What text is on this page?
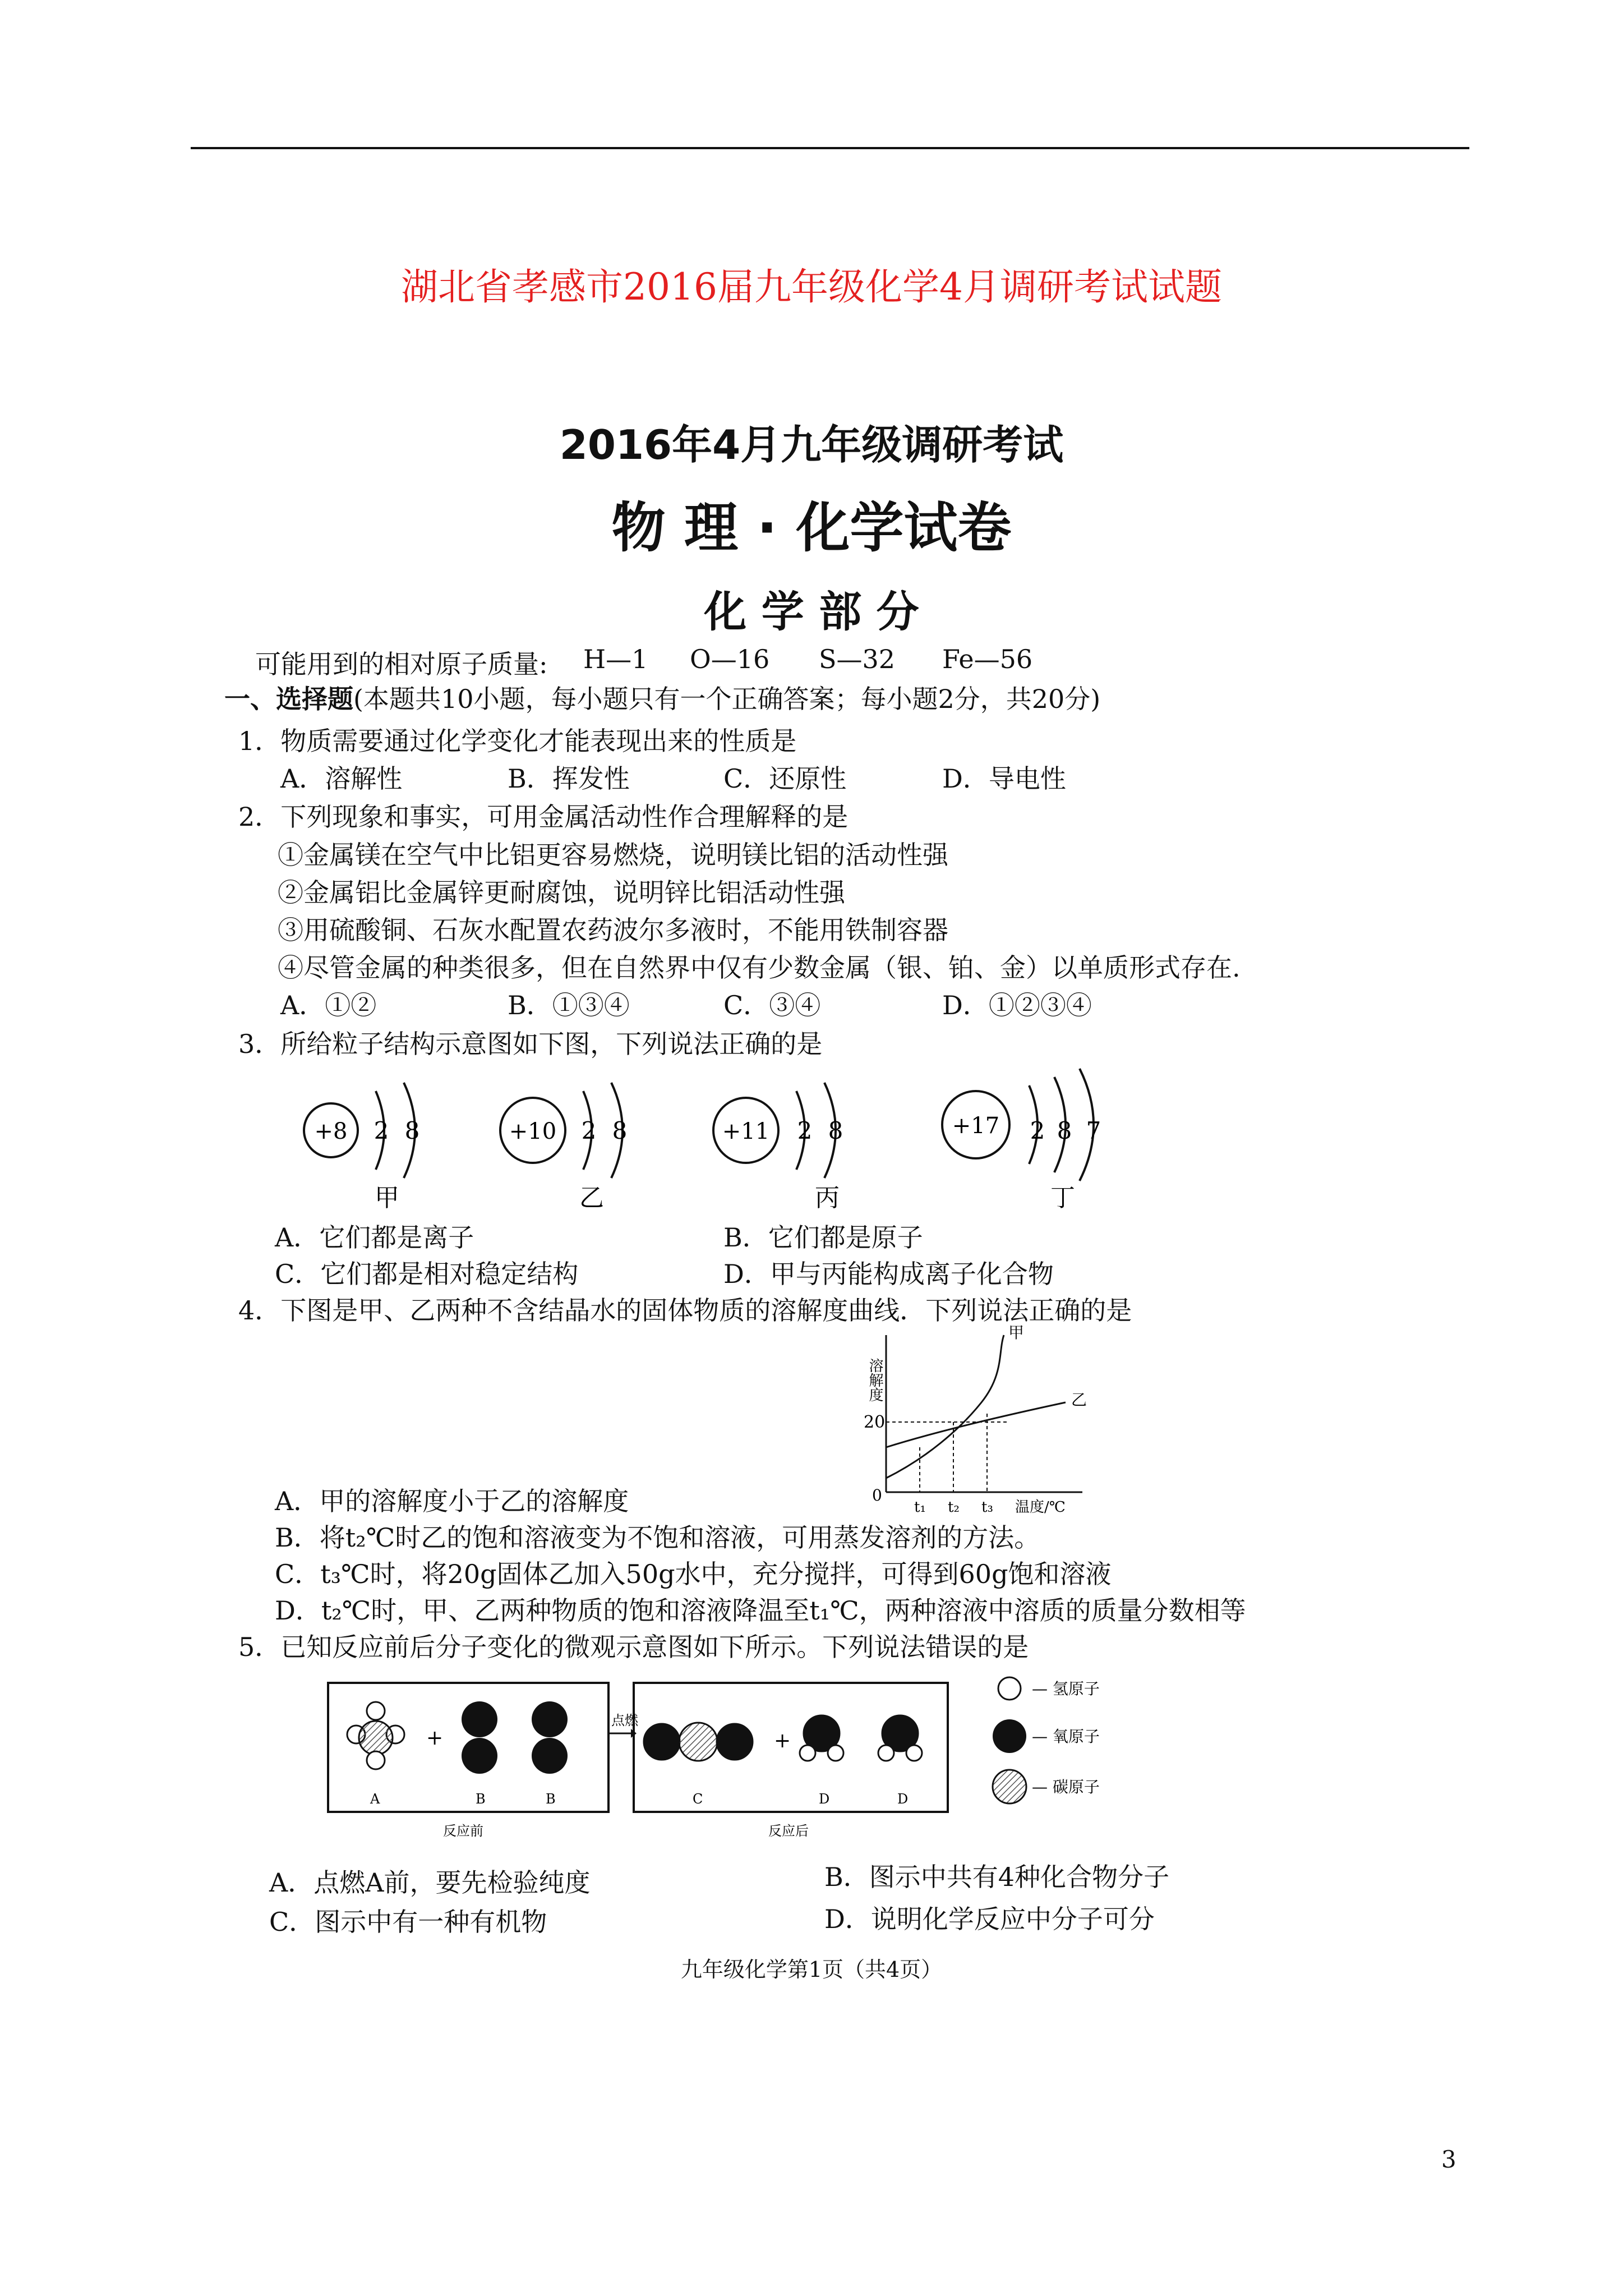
湖北省孝感市2016届九年级化学4月调研考试试题
2016年4月九年级调研考试
物 理 · 化学试卷
化 学 部 分
可能用到的相对原子质量: H—1 O—16 S—32 Fe—56
一、选择题(本题共10小题，每小题只有一个正确答案；每小题2分，共20分)
1．物质需要通过化学变化才能表现出来的性质是
A．溶解性	B．挥发性	C．还原性	D．导电性
2．下列现象和事实，可用金属活动性作合理解释的是
①金属镁在空气中比铝更容易燃烧，说明镁比铝的活动性强
②金属铝比金属锌更耐腐蚀，说明锌比铝活动性强
③用硫酸铜、石灰水配置农药波尔多液时，不能用铁制容器
④尽管金属的种类很多，但在自然界中仅有少数金属（银、铂、金）以单质形式存在.
A．①②	B．①③④	C．③④	D．①②③④
3．所给粒子结构示意图如下图，下列说法正确的是
+8 2 8
甲
+10 2 8
乙
+11 2 8
丙
+17 2 8 7
丁
A．它们都是离子	B．它们都是原子
C．它们都是相对稳定结构	D．甲与丙能构成离子化合物
4．下图是甲、乙两种不含结晶水的固体物质的溶解度曲线．下列说法正确的是
溶解度
20
0
t₁ t₂ t₃ 温度/℃
甲
乙
A．甲的溶解度小于乙的溶解度
B．将t₂℃时乙的饱和溶液变为不饱和溶液，可用蒸发溶剂的方法。
C．t₃℃时，将20g固体乙加入50g水中，充分搅拌，可得到60g饱和溶液
D．t₂℃时，甲、乙两种物质的饱和溶液降温至t₁℃，两种溶液中溶质的质量分数相等
5．已知反应前后分子变化的微观示意图如下所示。下列说法错误的是
点燃
+
A	B	B
反应前
+
C	D	D
反应后
— 氢原子
— 氧原子
— 碳原子
A．点燃A前，要先检验纯度	B．图示中共有4种化合物分子
C．图示中有一种有机物	D．说明化学反应中分子可分
九年级化学第1页（共4页）
3
